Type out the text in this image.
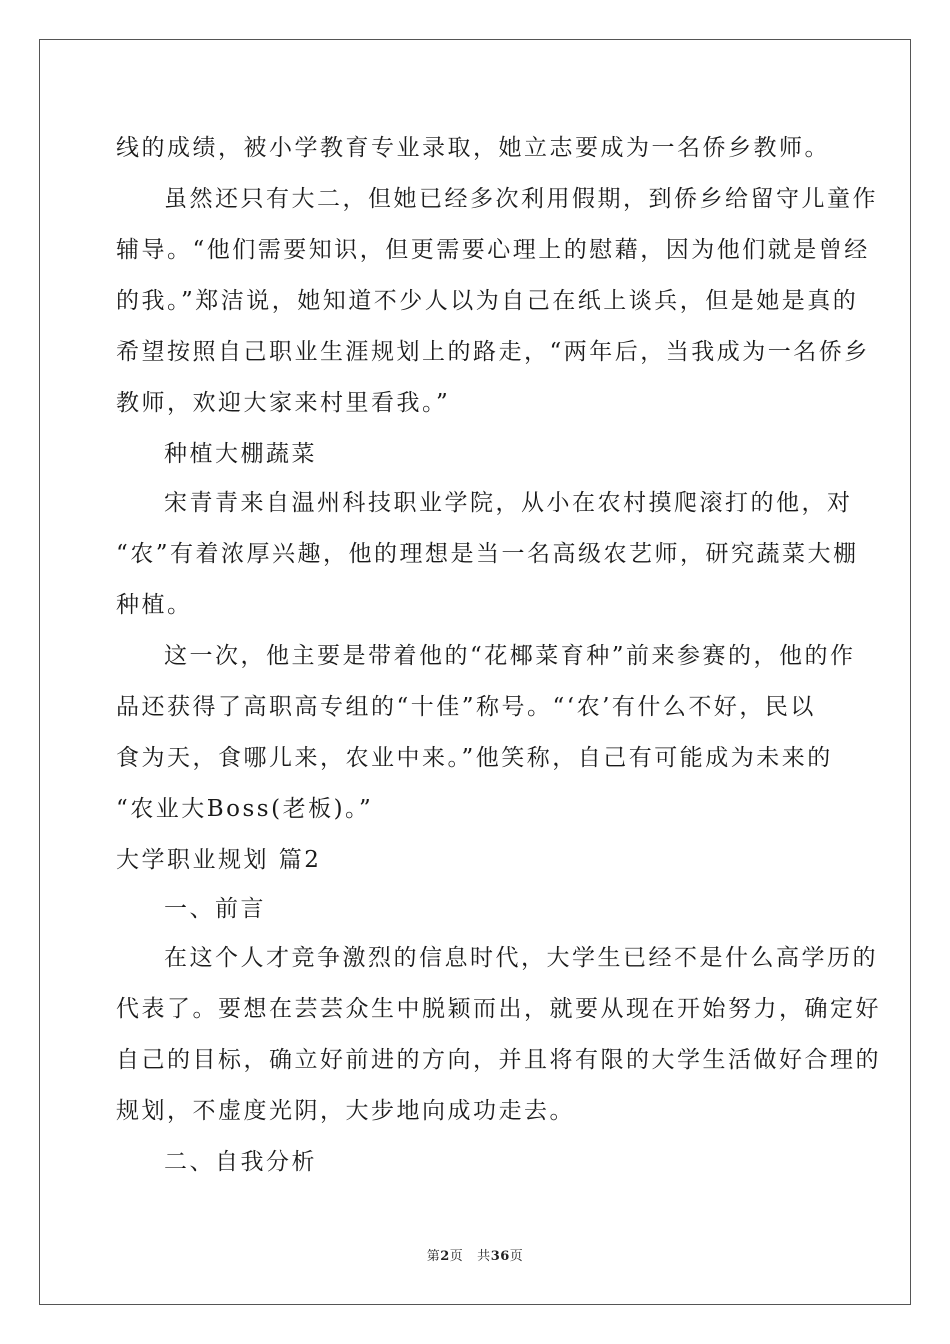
线的成绩，被小学教育专业录取，她立志要成为一名侨乡教师。
虽然还只有大二，但她已经多次利用假期，到侨乡给留守儿童作
辅导。“他们需要知识，但更需要心理上的慰藉，因为他们就是曾经
的我。”郑洁说，她知道不少人以为自己在纸上谈兵，但是她是真的
希望按照自己职业生涯规划上的路走，“两年后，当我成为一名侨乡
教师，欢迎大家来村里看我。”
种植大棚蔬菜
宋青青来自温州科技职业学院，从小在农村摸爬滚打的他，对
“农”有着浓厚兴趣，他的理想是当一名高级农艺师，研究蔬菜大棚
种植。
这一次，他主要是带着他的“花椰菜育种”前来参赛的，他的作
品还获得了高职高专组的“十佳”称号。“‘农’有什么不好，民以
食为天，食哪儿来，农业中来。”他笑称，自己有可能成为未来的
“农业大Boss(老板)。”
大学职业规划 篇2
一、前言
在这个人才竞争激烈的信息时代，大学生已经不是什么高学历的
代表了。要想在芸芸众生中脱颖而出，就要从现在开始努力，确定好
自己的目标，确立好前进的方向，并且将有限的大学生活做好合理的
规划，不虚度光阴，大步地向成功走去。
二、自我分析
第2页 共36页
